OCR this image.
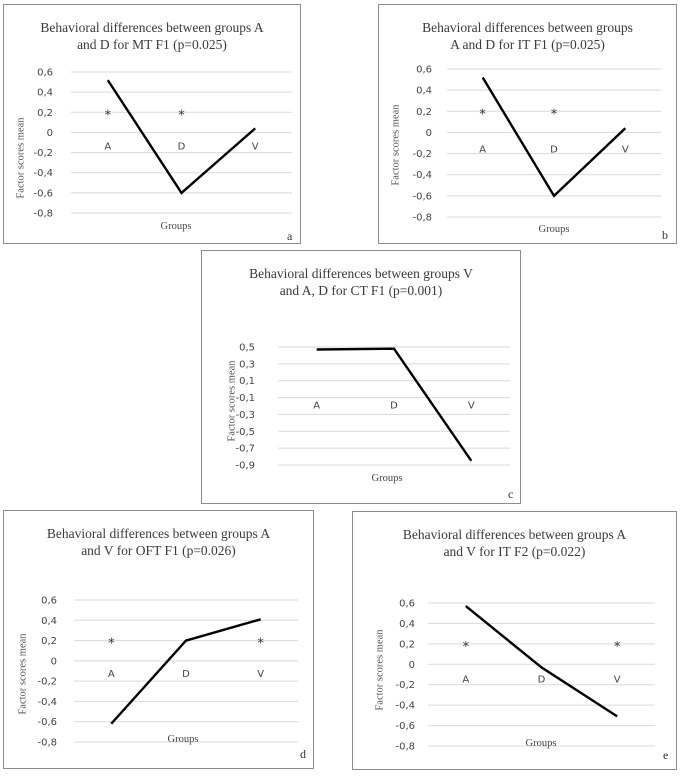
Behavioral differences between groups A
and D for MT F1 (p=0.025)
0,6
0,4
0,2
0
-0,2
-0,4
-0,6
-0,8
A	D	V
*	*
Factor scores mean
Groups
a
Behavioral differences between groups
A and D for IT F1 (p=0.025)
0,6
0,4
0,2
0
-0,2
-0,4
-0,6
-0,8
A	D	V
*	*
Factor scores mean
Groups	b
Behavioral differences between groups V
and A, D for CT F1 (p=0.001)
0,5
0,3
0,1
-0,1
-0,3
-0,5
-0,7
-0,9
A	D	V
Factor scores mean
Groups
c
Behavioral differences between groups A
and V for OFT F1 (p=0.026)
0,6
0,4
0,2
0
-0,2
-0,4
-0,6
-0,8
A	D	V
*	*
Factor scores mean
Groups
d
Behavioral differences between groups A
and V for IT F2 (p=0.022)
0,6
0,4
0,2
0
-0,2
-0,4
-0,6
-0,8
A	D	V
*	*
Factor scores mean
Groups
e
